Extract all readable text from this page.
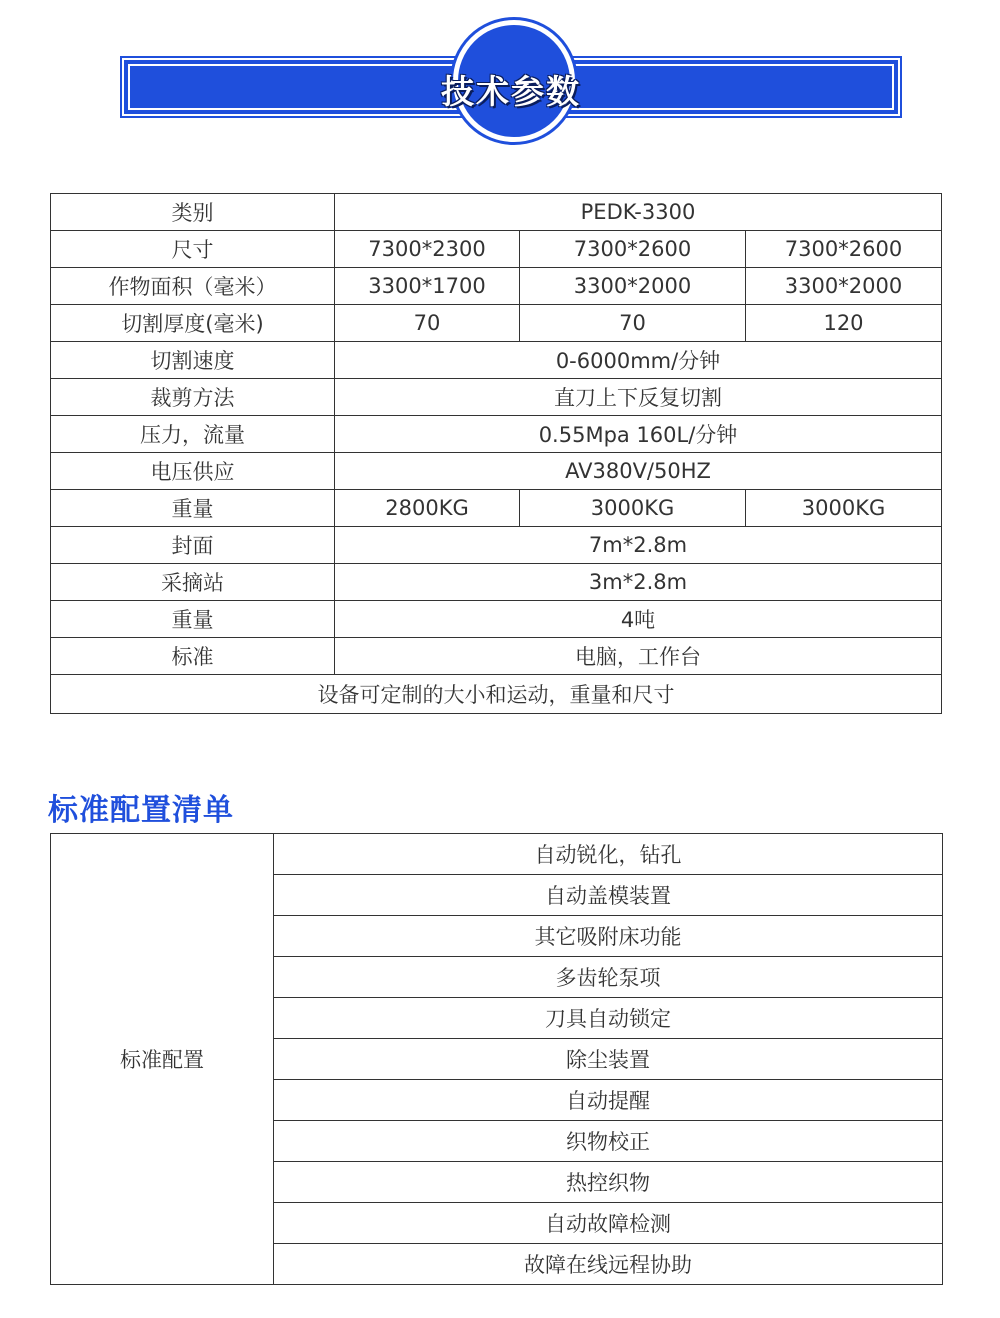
技术参数
类别	PEDK-3300		
尺寸	7300*2300	7300*2600	7300*2600
作物面积（毫米）	3300*1700	3300*2000	3300*2000
切割厚度(毫米)	70	70	120
切割速度	0-6000mm/分钟		
裁剪方法	直刀上下反复切割		
压力，流量	0.55Mpa 160L/分钟		
电压供应	AV380V/50HZ		
重量	2800KG	3000KG	3000KG
封面	7m*2.8m		
采摘站	3m*2.8m		
重量	4吨		
标准	电脑，工作台		
设备可定制的大小和运动，重量和尺寸			
标准配置清单
标准配置	自动锐化，钻孔
自动盖模装置
其它吸附床功能
多齿轮泵项
刀具自动锁定
除尘装置
自动提醒
织物校正
热控织物
自动故障检测
故障在线远程协助
